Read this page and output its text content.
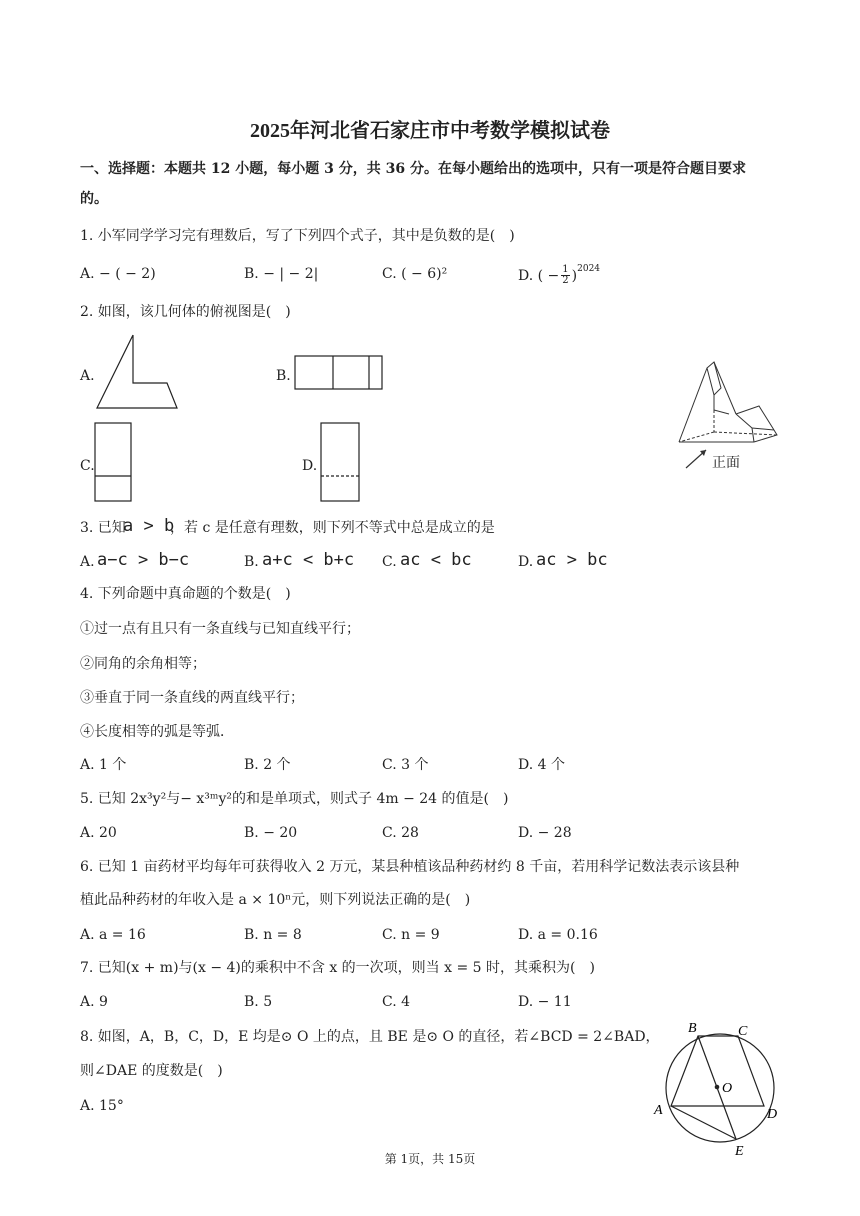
2025年河北省石家庄市中考数学模拟试卷
一、选择题：本题共 12 小题，每小题 3 分，共 36 分。在每小题给出的选项中，只有一项是符合题目要求
的。
1. 小军同学学习完有理数后，写了下列四个式子，其中是负数的是(　)
A. − ( − 2)	B. − | − 2|	C. ( − 6)²	D. ( − $\frac{1}{2}$ ) 2024
2. 如图，该几何体的俯视图是(　)
A.	B.
C.	D.	正面
3. 已知
a > b
，若 c 是任意有理数，则下列不等式中总是成立的是
A. a−c > b−c	B. a+c < b+c C. ac < bc	D. ac > bc
4. 下列命题中真命题的个数是(　)
①过一点有且只有一条直线与已知直线平行；
②同角的余角相等；
③垂直于同一条直线的两直线平行；
④长度相等的弧是等弧．
A. 1 个	B. 2 个	C. 3 个	D. 4 个
5. 已知 2x³y²与− x³ᵐy²的和是单项式，则式子 4m − 24 的值是(　)
A. 20	B. − 20	C. 28	D. − 28
6. 已知 1 亩药材平均每年可获得收入 2 万元，某县种植该品种药材约 8 千亩，若用科学记数法表示该县种
植此品种药材的年收入是 a × 10ⁿ元，则下列说法正确的是(　)
A. a = 16	B. n = 8	C. n = 9	D. a = 0.16
7. 已知(x + m)与(x − 4)的乘积中不含 x 的一次项，则当 x = 5 时，其乘积为(　)
A. 9	B. 5	C. 4	D. − 11
8. 如图，A，B，C，D，E 均是⊙ O 上的点，且 BE 是⊙ O 的直径，若∠BCD = 2∠BAD，
则∠DAE 的度数是(　)
A. 15°
B	C
O
A	D
E
第 1页，共 15页
